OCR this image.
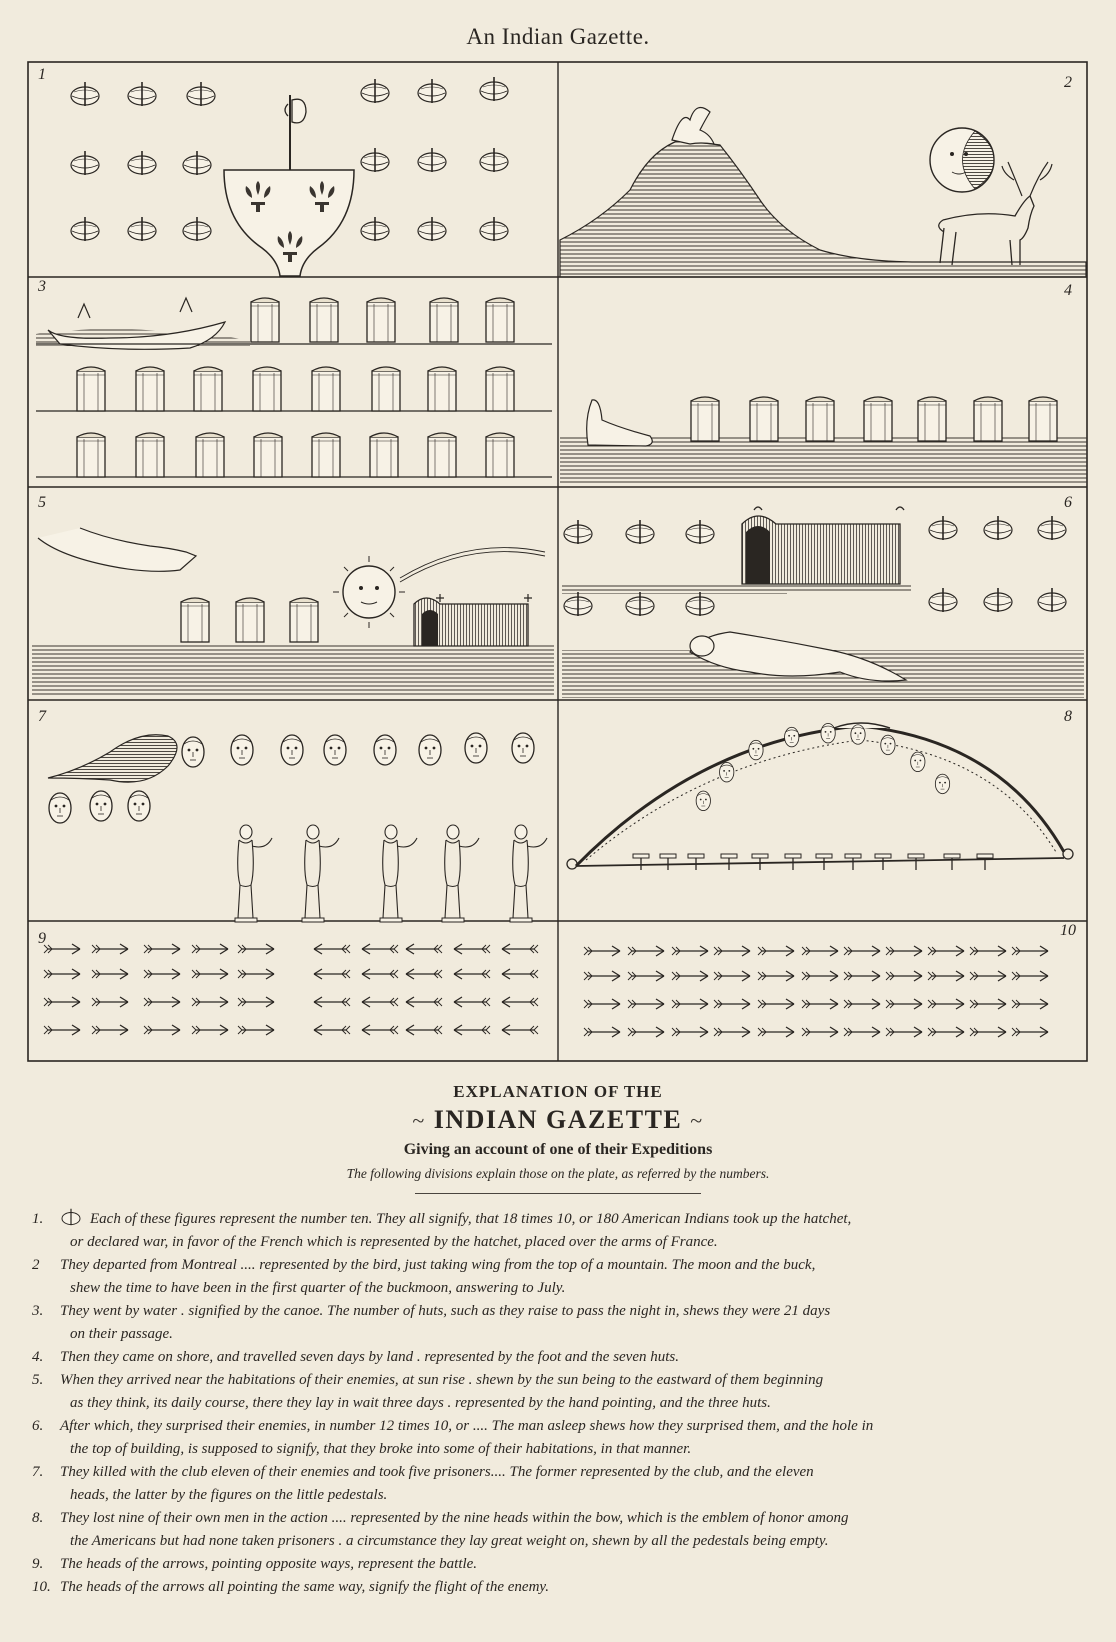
An Indian Gazette.
1	2
3	4
5	6
7	8
9	10
EXPLANATION OF THE
~ INDIAN GAZETTE ~
Giving an account of one of their Expeditions
The following divisions explain those on the plate, as referred by the numbers.
1.	Each of these figures represent the number ten. They all signify, that 18 times 10, or 180 American Indians took up the hatchet,
or declared war, in favor of the French which is represented by the hatchet, placed over the arms of France.
2 They departed from Montreal .... represented by the bird, just taking wing from the top of a mountain. The moon and the buck,
shew the time to have been in the first quarter of the buckmoon, answering to July.
3. They went by water . signified by the canoe. The number of huts, such as they raise to pass the night in, shews they were 21 days
on their passage.
4. Then they came on shore, and travelled seven days by land . represented by the foot and the seven huts.
5. When they arrived near the habitations of their enemies, at sun rise . shewn by the sun being to the eastward of them beginning
as they think, its daily course, there they lay in wait three days . represented by the hand pointing, and the three huts.
6. After which, they surprised their enemies, in number 12 times 10, or .... The man asleep shews how they surprised them, and the hole in
the top of building, is supposed to signify, that they broke into some of their habitations, in that manner.
7. They killed with the club eleven of their enemies and took five prisoners.... The former represented by the club, and the eleven
heads, the latter by the figures on the little pedestals.
8. They lost nine of their own men in the action .... represented by the nine heads within the bow, which is the emblem of honor among
the Americans but had none taken prisoners . a circumstance they lay great weight on, shewn by all the pedestals being empty.
9. The heads of the arrows, pointing opposite ways, represent the battle.
10. The heads of the arrows all pointing the same way, signify the flight of the enemy.
